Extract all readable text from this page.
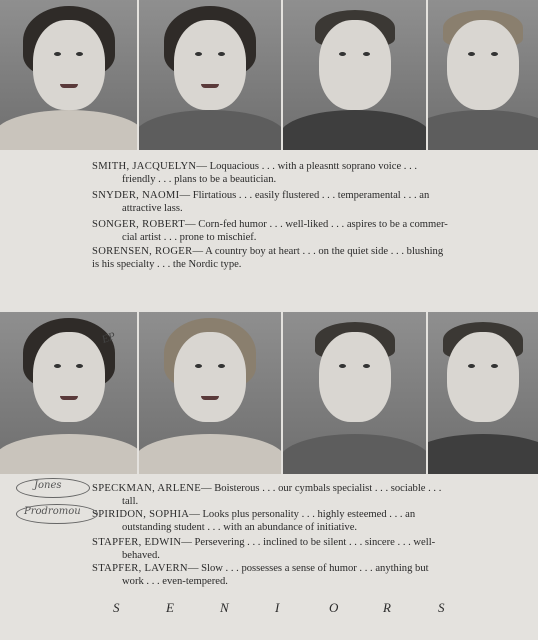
SMITH, JACQUELYN— Loquacious . . . with a pleasntt soprano voice . . .
friendly . . . plans to be a beautician.
SNYDER, NAOMI— Flirtatious . . . easily flustered . . . temperamental . . . an
attractive lass.
SONGER, ROBERT— Corn-fed humor . . . well-liked . . . aspires to be a commer-
cial artist . . . prone to mischief.
SORENSEN, ROGER— A country boy at heart . . . on the quiet side . . . blushing
is his specialty . . . the Nordic type.
EP
SPECKMAN, ARLENE— Boisterous . . . our cymbals specialist . . . sociable . . .
tall.
SPIRIDON, SOPHIA— Looks plus personality . . . highly esteemed . . . an
outstanding student . . . with an abundance of initiative.
STAPFER, EDWIN— Persevering . . . inclined to be silent . . . sincere . . . well-
behaved.
STAPFER, LAVERN— Slow . . . possesses a sense of humor . . . anything but
work . . . even-tempered.
Jones
Prodromou
S	E	N	I	O	R	S
